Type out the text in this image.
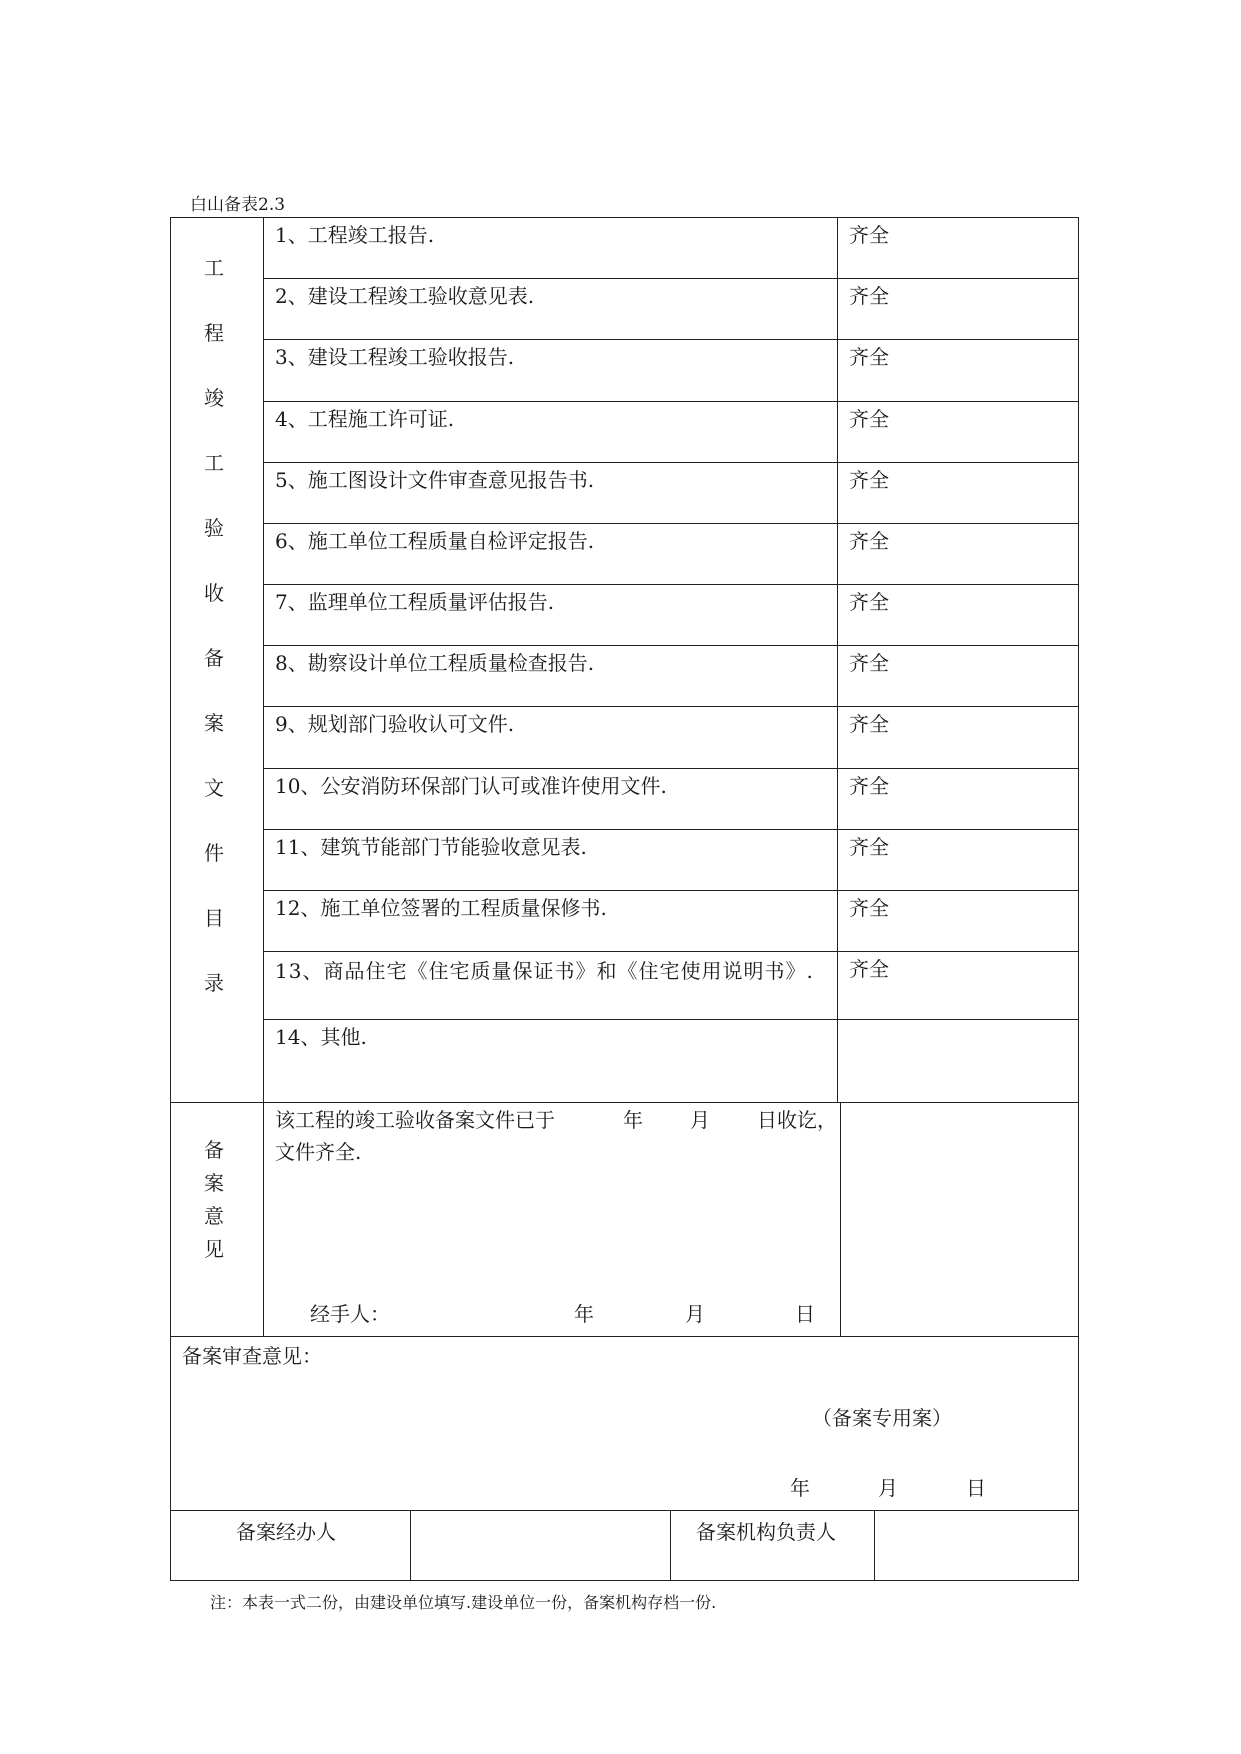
白山备表2.3
工
程
竣
工
验
收
备
案
文
件
目
录
1、工程竣工报告.	齐全
2、建设工程竣工验收意见表.	齐全
3、建设工程竣工验收报告.	齐全
4、工程施工许可证.	齐全
5、施工图设计文件审查意见报告书.	齐全
6、施工单位工程质量自检评定报告.	齐全
7、监理单位工程质量评估报告.	齐全
8、勘察设计单位工程质量检查报告.	齐全
9、规划部门验收认可文件.	齐全
10、公安消防环保部门认可或准许使用文件.	齐全
11、建筑节能部门节能验收意见表.	齐全
12、施工单位签署的工程质量保修书.	齐全
13、商品住宅《住宅质量保证书》和《住宅使用说明书》.	齐全
14、其他.
备
案
意
见
该工程的竣工验收备案文件已于	年 月 日收讫，
文件齐全.
经手人：	年	月	日
备案审查意见：
（备案专用案）
年	月	日
备案经办人	备案机构负责人
注：本表一式二份，由建设单位填写.建设单位一份，备案机构存档一份.
